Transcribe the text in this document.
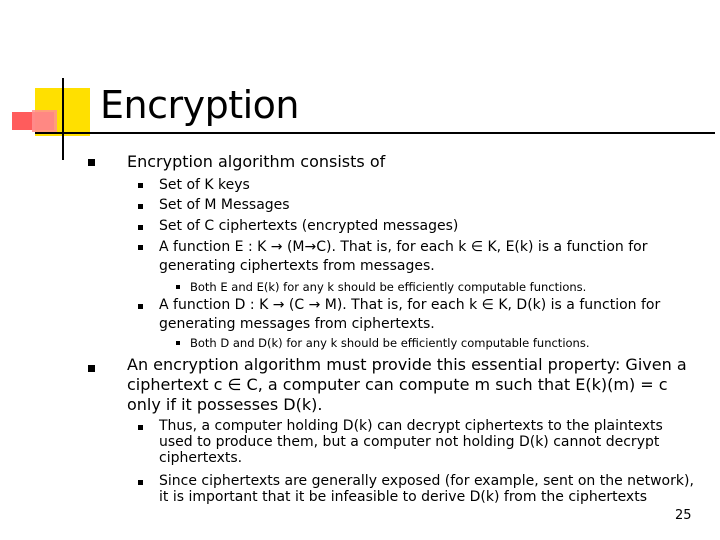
Encryption
Encryption algorithm consists of
Set of K keys
Set of M Messages
Set of C ciphertexts (encrypted messages)
A function E : K → (M→C). That is, for each k ∈ K, E(k) is a function for
generating ciphertexts from messages.
Both E and E(k) for any k should be efficiently computable functions.
A function D : K → (C → M). That is, for each k ∈ K, D(k) is a function for
generating messages from ciphertexts.
Both D and D(k) for any k should be efficiently computable functions.
An encryption algorithm must provide this essential property: Given a
ciphertext c ∈ C, a computer can compute m such that E(k)(m) = c
only if it possesses D(k).
Thus, a computer holding D(k) can decrypt ciphertexts to the plaintexts
used to produce them, but a computer not holding D(k) cannot decrypt
ciphertexts.
Since ciphertexts are generally exposed (for example, sent on the network),
it is important that it be infeasible to derive D(k) from the ciphertexts
25
